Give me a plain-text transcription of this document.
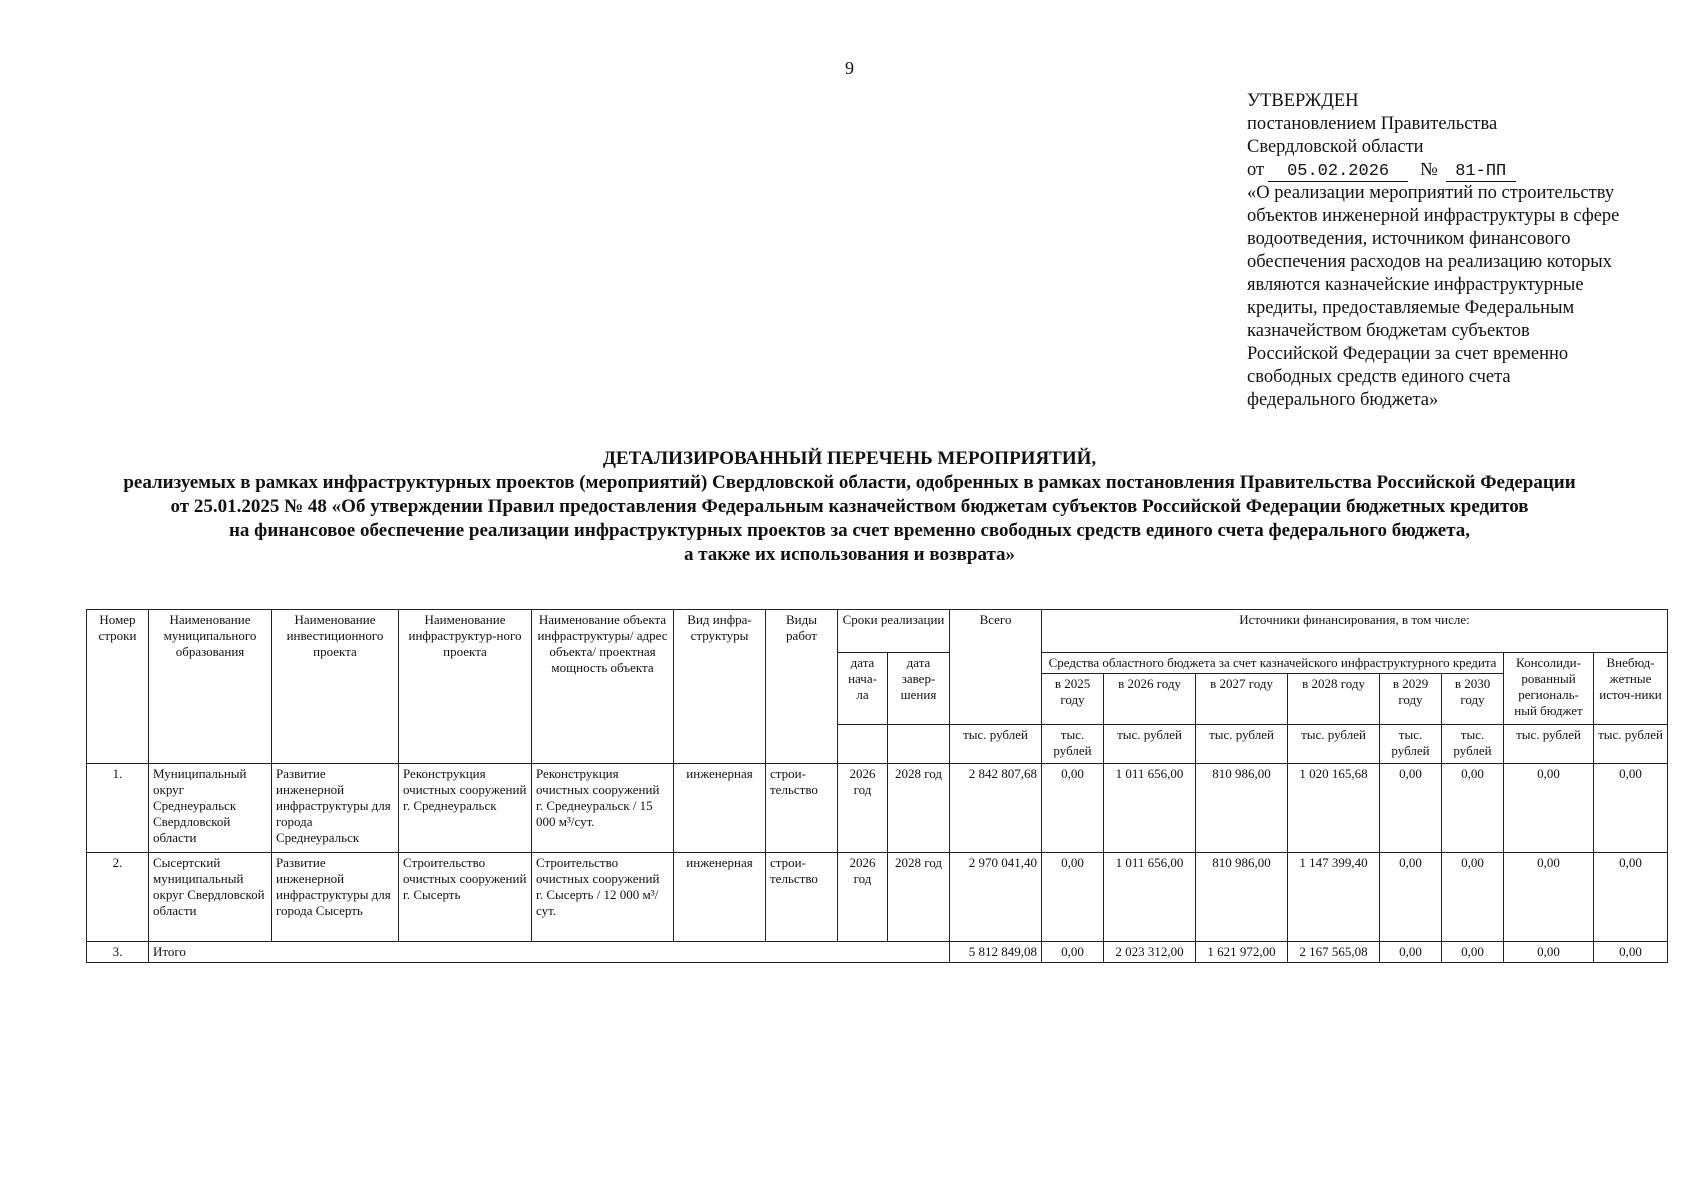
9
УТВЕРЖДЕН
постановлением Правительства
Свердловской области
от 05.02.2026 № 81-ПП
«О реализации мероприятий по строительству
объектов инженерной инфраструктуры в сфере
водоотведения, источником финансового
обеспечения расходов на реализацию которых
являются казначейские инфраструктурные
кредиты, предоставляемые Федеральным
казначейством бюджетам субъектов
Российской Федерации за счет временно
свободных средств единого счета
федерального бюджета»
ДЕТАЛИЗИРОВАННЫЙ ПЕРЕЧЕНЬ МЕРОПРИЯТИЙ,
реализуемых в рамках инфраструктурных проектов (мероприятий) Свердловской области, одобренных в рамках постановления Правительства Российской Федерации
от 25.01.2025 № 48 «Об утверждении Правил предоставления Федеральным казначейством бюджетам субъектов Российской Федерации бюджетных кредитов
на финансовое обеспечение реализации инфраструктурных проектов за счет временно свободных средств единого счета федерального бюджета,
а также их использования и возврата»
Номер строки	Наименование муниципального образования	Наименование инвестиционного проекта	Наименование инфраструктур-ного проекта	Наименование объекта инфраструктуры/ адрес объекта/ проектная мощность объекта	Вид инфра-структуры	Виды работ	Сроки реализации		Всего	Источники финансирования, в том числе:							
							дата нача-ла	дата завер-шения		Средства областного бюджета за счет казначейского инфраструктурного кредита						Консолиди-рованный региональ-ный бюджет	Внебюд-жетные источ-ники
										в 2025 году	в 2026 году	в 2027 году	в 2028 году	в 2029 году	в 2030 году		
									тыс. рублей	тыс. рублей	тыс. рублей	тыс. рублей	тыс. рублей	тыс. рублей	тыс. рублей	тыс. рублей	тыс. рублей
1.	Муниципальный округ Среднеуральск Свердловской области	Развитие инженерной инфраструктуры для города Среднеуральск	Реконструкция очистных сооружений г. Среднеуральск	Реконструкция очистных сооружений г. Среднеуральск / 15 000 м³/сут.	инженерная	строи-тельство	2026 год	2028 год	2 842 807,68	0,00	1 011 656,00	810 986,00	1 020 165,68	0,00	0,00	0,00	0,00
2.	Сысертский муниципальный округ Свердловской области	Развитие инженерной инфраструктуры для города Сысерть	Строительство очистных сооружений г. Сысерть	Строительство очистных сооружений г. Сысерть / 12 000 м³/сут.	инженерная	строи-тельство	2026 год	2028 год	2 970 041,40	0,00	1 011 656,00	810 986,00	1 147 399,40	0,00	0,00	0,00	0,00
3.	Итого								5 812 849,08	0,00	2 023 312,00	1 621 972,00	2 167 565,08	0,00	0,00	0,00	0,00
